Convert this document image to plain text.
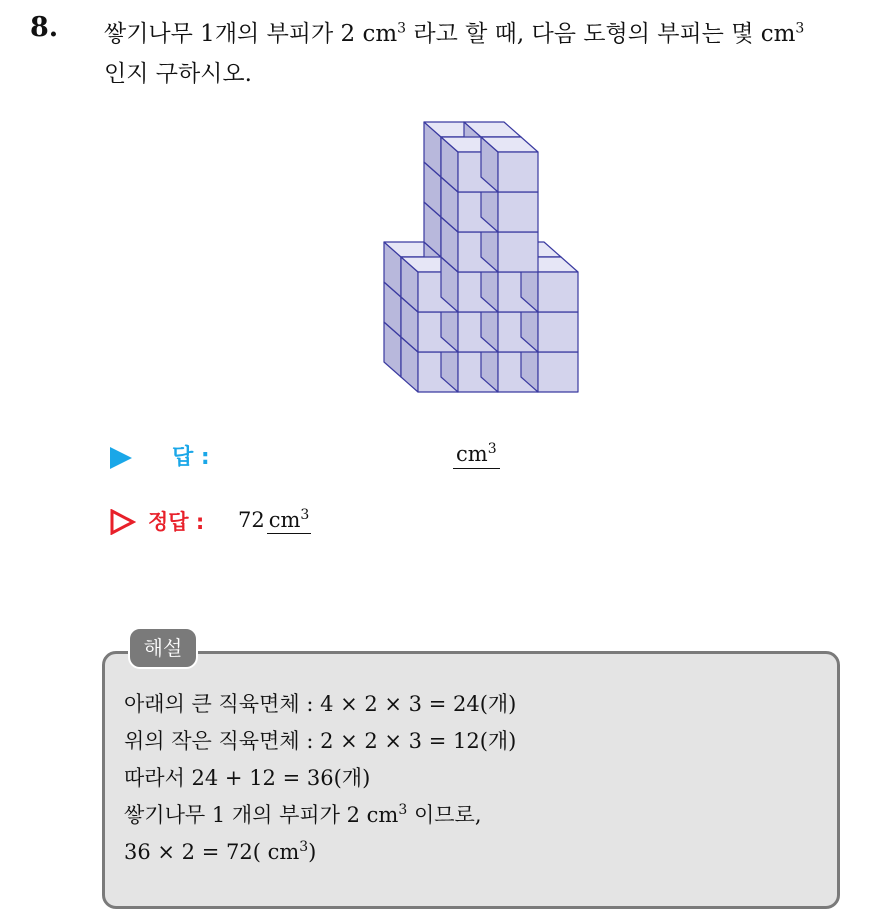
8. 쌓기나무 1개의 부피가 2 $cm^3$ 라고 할 때, 다음 도형의 부피는 몇 $cm^3$
인지 구하시오.
답 :	$cm^3$
정답 : 72 $cm^3$
해설
아래의 큰 직육면체 : 4 × 2 × 3 = 24(개)
위의 작은 직육면체 : 2 × 2 × 3 = 12(개)
따라서 24 + 12 = 36(개)
쌓기나무 1 개의 부피가 2 $cm^3$ 이므로,
36 × 2 = 72( $cm^3$)
